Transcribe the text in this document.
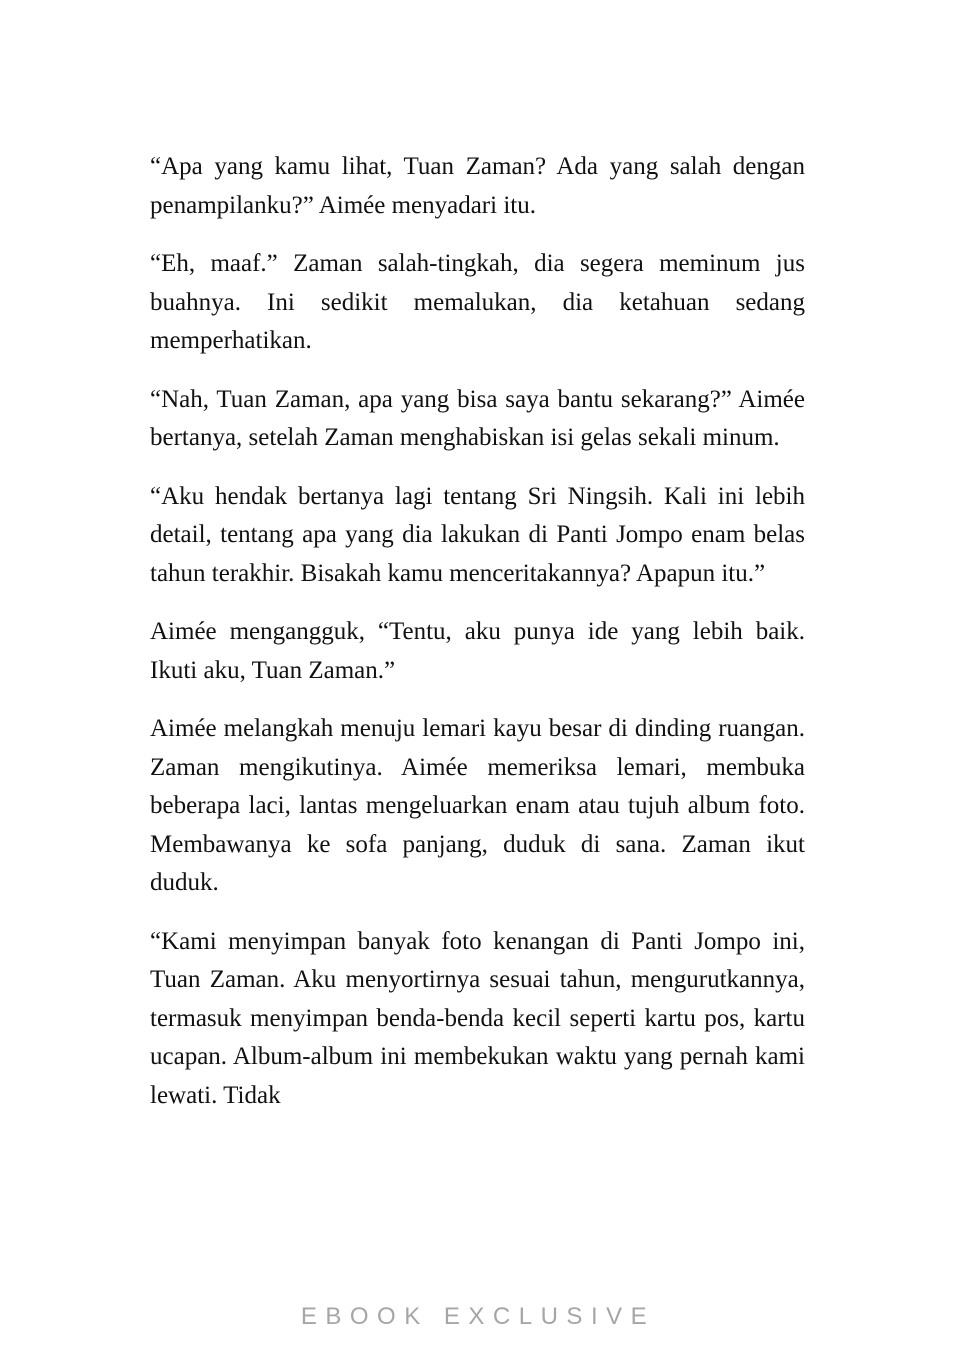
“Apa yang kamu lihat, Tuan Zaman? Ada yang salah dengan penampilanku?” Aimée menyadari itu.

“Eh, maaf.” Zaman salah-tingkah, dia segera meminum jus buahnya. Ini sedikit memalukan, dia ketahuan sedang memperhatikan.

“Nah, Tuan Zaman, apa yang bisa saya bantu sekarang?” Aimée bertanya, setelah Zaman menghabiskan isi gelas sekali minum.

“Aku hendak bertanya lagi tentang Sri Ningsih. Kali ini lebih detail, tentang apa yang dia lakukan di Panti Jompo enam belas tahun terakhir. Bisakah kamu menceritakannya? Apapun itu.”

Aimée mengangguk, “Tentu, aku punya ide yang lebih baik. Ikuti aku, Tuan Zaman.”

Aimée melangkah menuju lemari kayu besar di dinding ruangan. Zaman mengikutinya. Aimée memeriksa lemari, membuka beberapa laci, lantas mengeluarkan enam atau tujuh album foto. Membawanya ke sofa panjang, duduk di sana. Zaman ikut duduk.

“Kami menyimpan banyak foto kenangan di Panti Jompo ini, Tuan Zaman. Aku menyortirnya sesuai tahun, mengurutkannya, termasuk menyimpan benda-benda kecil seperti kartu pos, kartu ucapan. Album-album ini membekukan waktu yang pernah kami lewati. Tidak

EBOOK EXCLUSIVE
